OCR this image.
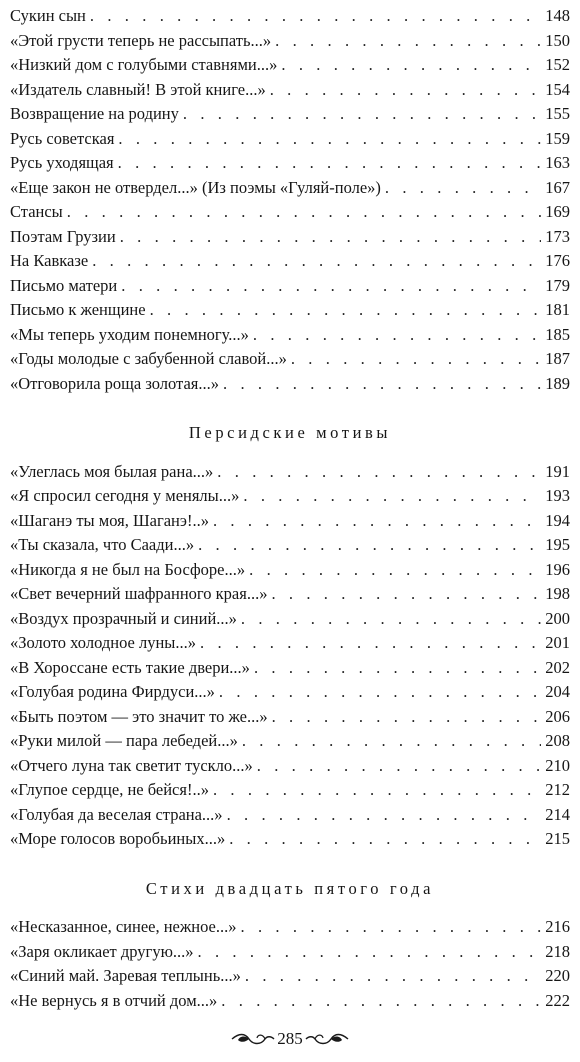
Сукин сын . . .	148
«Этой грусти теперь не рассыпать...» . . .	150
«Низкий дом с голубыми ставнями...» . . .	152
«Издатель славный! В этой книге...» . . .	154
Возвращение на родину . . .	155
Русь советская . . .	159
Русь уходящая . . .	163
«Еще закон не отвердел...» (Из поэмы «Гуляй-поле») . . .	167
Стансы . . .	169
Поэтам Грузии . . .	173
На Кавказе . . .	176
Письмо матери . . .	179
Письмо к женщине . . .	181
«Мы теперь уходим понемногу...» . . .	185
«Годы молодые с забубенной славой...» . . .	187
«Отговорила роща золотая...» . . .	189
Персидские мотивы
«Улеглась моя былая рана...» . . .	191
«Я спросил сегодня у менялы...» . . .	193
«Шаганэ ты моя, Шаганэ!..» . . .	194
«Ты сказала, что Саади...» . . .	195
«Никогда я не был на Босфоре...» . . .	196
«Свет вечерний шафранного края...» . . .	198
«Воздух прозрачный и синий...» . . .	200
«Золото холодное луны...» . . .	201
«В Хороссане есть такие двери...» . . .	202
«Голубая родина Фирдуси...» . . .	204
«Быть поэтом — это значит то же...» . . .	206
«Руки милой — пара лебедей...» . . .	208
«Отчего луна так светит тускло...» . . .	210
«Глупое сердце, не бейся!..» . . .	212
«Голубая да веселая страна...» . . .	214
«Море голосов воробьиных...» . . .	215
Стихи двадцать пятого года
«Несказанное, синее, нежное...» . . .	216
«Заря окликает другую...» . . .	218
«Синий май. Заревая теплынь...» . . .	220
«Не вернусь я в отчий дом...» . . .	222
285
